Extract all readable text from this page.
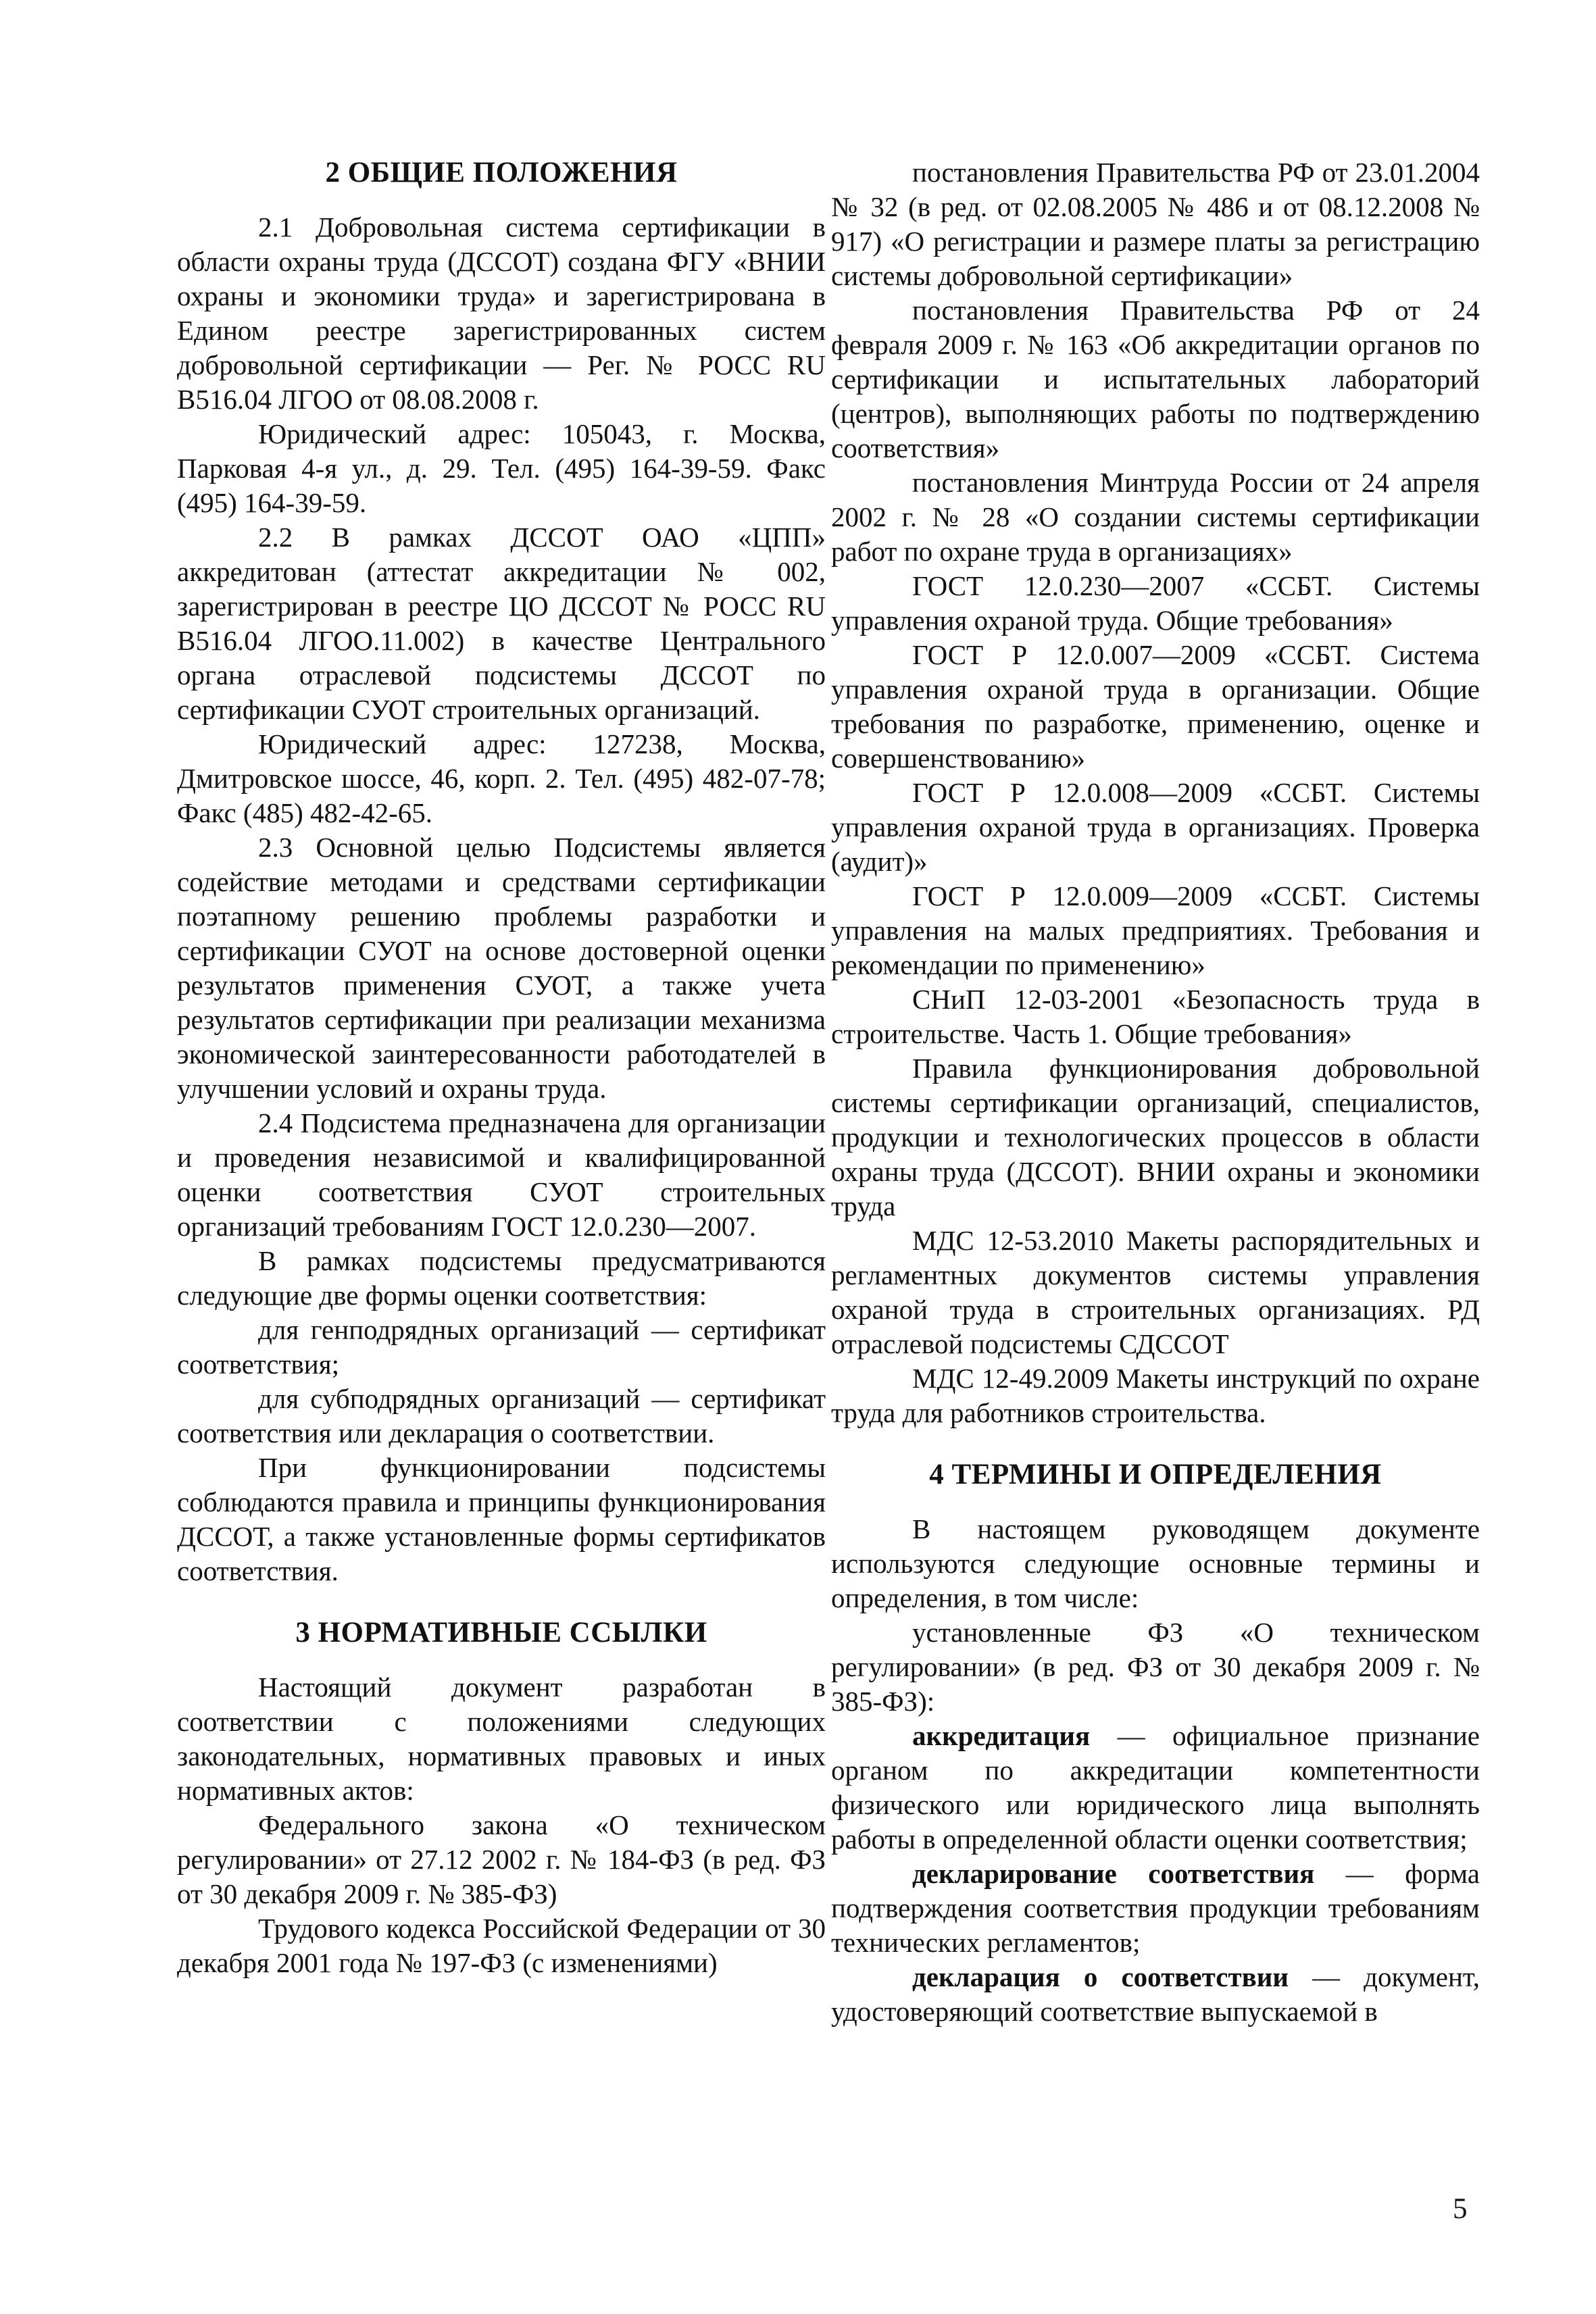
2 ОБЩИЕ ПОЛОЖЕНИЯ

2.1 Добровольная система сертификации в области охраны труда (ДССОТ) создана ФГУ «ВНИИ охраны и экономики труда» и зарегистрирована в Едином реестре зарегистрированных систем добровольной сертификации — Рег. № РОСС RU В516.04 ЛГОО от 08.08.2008 г.

Юридический адрес: 105043, г. Москва, Парковая 4-я ул., д. 29. Тел. (495) 164-39-59. Факс (495) 164-39-59.

2.2 В рамках ДССОТ ОАО «ЦПП» аккредитован (аттестат аккредитации № 002, зарегистрирован в реестре ЦО ДССОТ № РОСС RU В516.04 ЛГОО.11.002) в качестве Центрального органа отраслевой подсистемы ДССОТ по сертификации СУОТ строительных организаций.

Юридический адрес: 127238, Москва, Дмитровское шоссе, 46, корп. 2. Тел. (495) 482-07-78; Факс (485) 482-42-65.

2.3 Основной целью Подсистемы является содействие методами и средствами сертификации поэтапному решению проблемы разработки и сертификации СУОТ на основе достоверной оценки результатов применения СУОТ, а также учета результатов сертификации при реализации механизма экономической заинтересованности работодателей в улучшении условий и охраны труда.

2.4 Подсистема предназначена для организации и проведения независимой и квалифицированной оценки соответствия СУОТ строительных организаций требованиям ГОСТ 12.0.230—2007.

В рамках подсистемы предусматриваются следующие две формы оценки соответствия:

для генподрядных организаций — сертификат соответствия;

для субподрядных организаций — сертификат соответствия или декларация о соответствии.

При функционировании подсистемы соблюдаются правила и принципы функционирования ДССОТ, а также установленные формы сертификатов соответствия.

3 НОРМАТИВНЫЕ ССЫЛКИ

Настоящий документ разработан в соответствии с положениями следующих законодательных, нормативных правовых и иных нормативных актов:

Федерального закона «О техническом регулировании» от 27.12 2002 г. № 184-ФЗ (в ред. ФЗ от 30 декабря 2009 г. № 385-ФЗ)

Трудового кодекса Российской Федерации от 30 декабря 2001 года № 197-ФЗ (с изменениями)

постановления Правительства РФ от 23.01.2004 № 32 (в ред. от 02.08.2005 № 486 и от 08.12.2008 № 917) «О регистрации и размере платы за регистрацию системы добровольной сертификации»

постановления Правительства РФ от 24 февраля 2009 г. № 163 «Об аккредитации органов по сертификации и испытательных лабораторий (центров), выполняющих работы по подтверждению соответствия»

постановления Минтруда России от 24 апреля 2002 г. № 28 «О создании системы сертификации работ по охране труда в организациях»

ГОСТ 12.0.230—2007 «ССБТ. Системы управления охраной труда. Общие требования»

ГОСТ Р 12.0.007—2009 «ССБТ. Система управления охраной труда в организации. Общие требования по разработке, применению, оценке и совершенствованию»

ГОСТ Р 12.0.008—2009 «ССБТ. Системы управления охраной труда в организациях. Проверка (аудит)»

ГОСТ Р 12.0.009—2009 «ССБТ. Системы управления на малых предприятиях. Требования и рекомендации по применению»

СНиП 12-03-2001 «Безопасность труда в строительстве. Часть 1. Общие требования»

Правила функционирования добровольной системы сертификации организаций, специалистов, продукции и технологических процессов в области охраны труда (ДССОТ). ВНИИ охраны и экономики труда

МДС 12-53.2010 Макеты распорядительных и регламентных документов системы управления охраной труда в строительных организациях. РД отраслевой подсистемы СДССОТ

МДС 12-49.2009 Макеты инструкций по охране труда для работников строительства.

4 ТЕРМИНЫ И ОПРЕДЕЛЕНИЯ

В настоящем руководящем документе используются следующие основные термины и определения, в том числе:

установленные ФЗ «О техническом регулировании» (в ред. ФЗ от 30 декабря 2009 г. № 385-ФЗ):

аккредитация — официальное признание органом по аккредитации компетентности физического или юридического лица выполнять работы в определенной области оценки соответствия;

декларирование соответствия — форма подтверждения соответствия продукции требованиям технических регламентов;

декларация о соответствии — документ, удостоверяющий соответствие выпускаемой в

5
